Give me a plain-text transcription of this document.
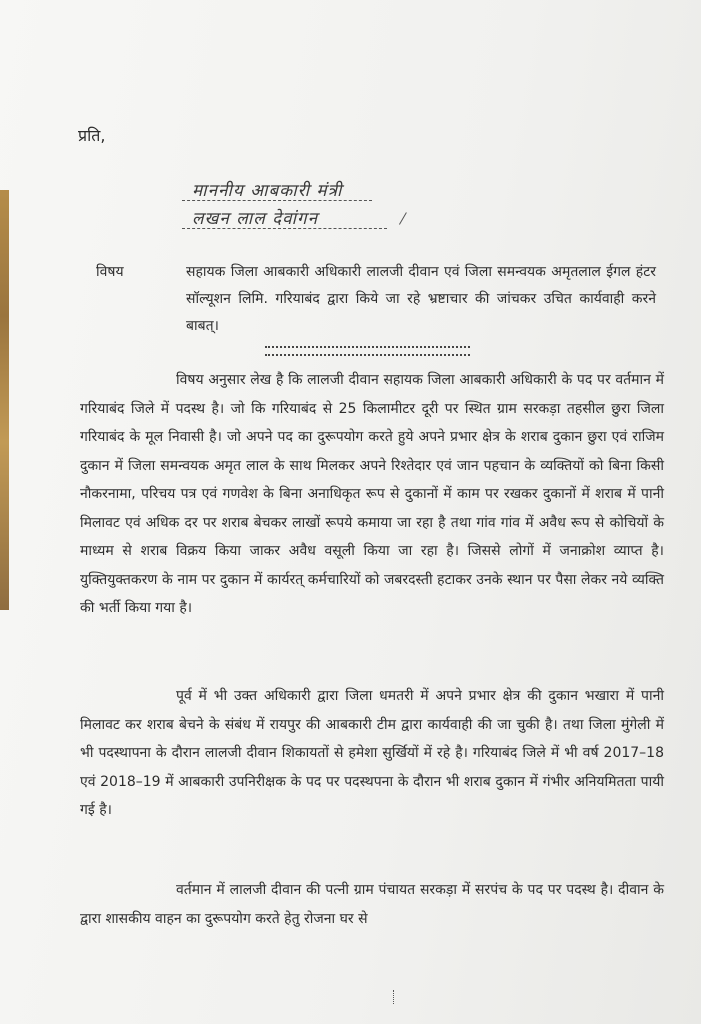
प्रति,
माननीय आबकारी मंत्री
लखन लाल देवांगन
विषय	सहायक जिला आबकारी अधिकारी लालजी दीवान एवं जिला समन्वयक अमृतलाल ईगल हंटर सॉल्यूशन लिमि. गरियाबंद द्वारा किये जा रहे भ्रष्टाचार की जांचकर उचित कार्यवाही करने बाबत्।

विषय अनुसार लेख है कि लालजी दीवान सहायक जिला आबकारी अधिकारी के पद पर वर्तमान में गरियाबंद जिले में पदस्थ है। जो कि गरियाबंद से 25 किलामीटर दूरी पर स्थित ग्राम सरकड़ा तहसील छुरा जिला गरियाबंद के मूल निवासी है। जो अपने पद का दुरूपयोग करते हुये अपने प्रभार क्षेत्र के शराब दुकान छुरा एवं राजिम दुकान में जिला समन्वयक अमृत लाल के साथ मिलकर अपने रिश्तेदार एवं जान पहचान के व्यक्तियों को बिना किसी नौकरनामा, परिचय पत्र एवं गणवेश के बिना अनाधिकृत रूप से दुकानों में काम पर रखकर दुकानों में शराब में पानी मिलावट एवं अधिक दर पर शराब बेचकर लाखों रूपये कमाया जा रहा है तथा गांव गांव में अवैध रूप से कोचियों के माध्यम से शराब विक्रय किया जाकर अवैध वसूली किया जा रहा है। जिससे लोगों में जनाक्रोश व्याप्त है। युक्तियुक्तकरण के नाम पर दुकान में कार्यरत् कर्मचारियों को जबरदस्ती हटाकर उनके स्थान पर पैसा लेकर नये व्यक्ति की भर्ती किया गया है।

पूर्व में भी उक्त अधिकारी द्वारा जिला धमतरी में अपने प्रभार क्षेत्र की दुकान भखारा में पानी मिलावट कर शराब बेचने के संबंध में रायपुर की आबकारी टीम द्वारा कार्यवाही की जा चुकी है। तथा जिला मुंगेली में भी पदस्थापना के दौरान लालजी दीवान शिकायतों से हमेशा सुर्खियों में रहे है। गरियाबंद जिले में भी वर्ष 2017–18 एवं 2018–19 में आबकारी उपनिरीक्षक के पद पर पदस्थपना के दौरान भी शराब दुकान में गंभीर अनियमितता पायी गई है।

वर्तमान में लालजी दीवान की पत्नी ग्राम पंचायत सरकड़ा में सरपंच के पद पर पदस्थ है। दीवान के द्वारा शासकीय वाहन का दुरूपयोग करते हेतु रोजना घर से
